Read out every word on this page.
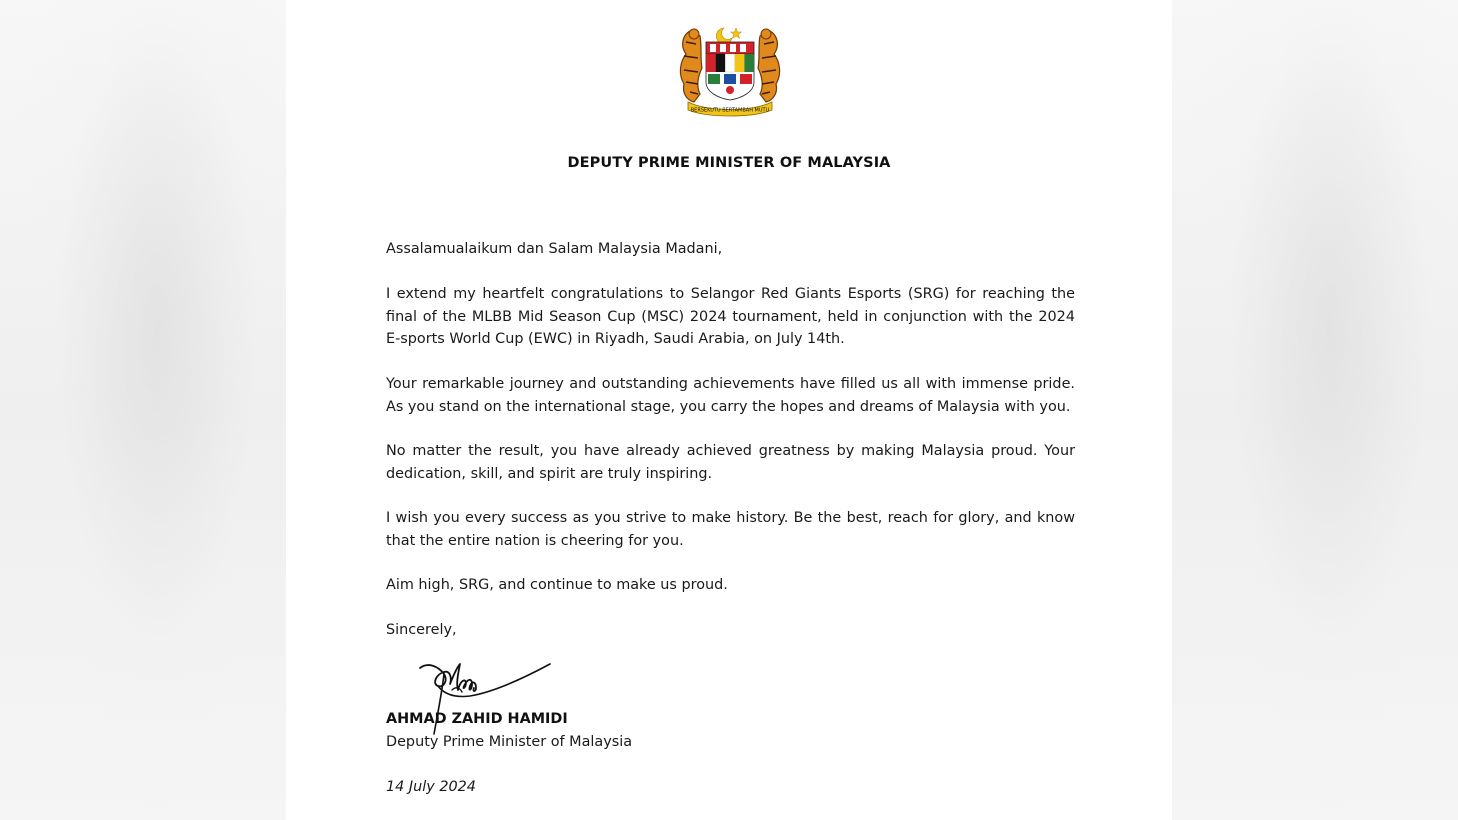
BERSEKUTU BERTAMBAH MUTU
DEPUTY PRIME MINISTER OF MALAYSIA

Assalamualaikum dan Salam Malaysia Madani,

I extend my heartfelt congratulations to Selangor Red Giants Esports (SRG) for reaching the final of the MLBB Mid Season Cup (MSC) 2024 tournament, held in conjunction with the 2024 E-sports World Cup (EWC) in Riyadh, Saudi Arabia, on July 14th.

Your remarkable journey and outstanding achievements have filled us all with immense pride. As you stand on the international stage, you carry the hopes and dreams of Malaysia with you.

No matter the result, you have already achieved greatness by making Malaysia proud. Your dedication, skill, and spirit are truly inspiring.

I wish you every success as you strive to make history. Be the best, reach for glory, and know that the entire nation is cheering for you.

Aim high, SRG, and continue to make us proud.

Sincerely,

AHMAD ZAHID HAMIDI

Deputy Prime Minister of Malaysia

14 July 2024
